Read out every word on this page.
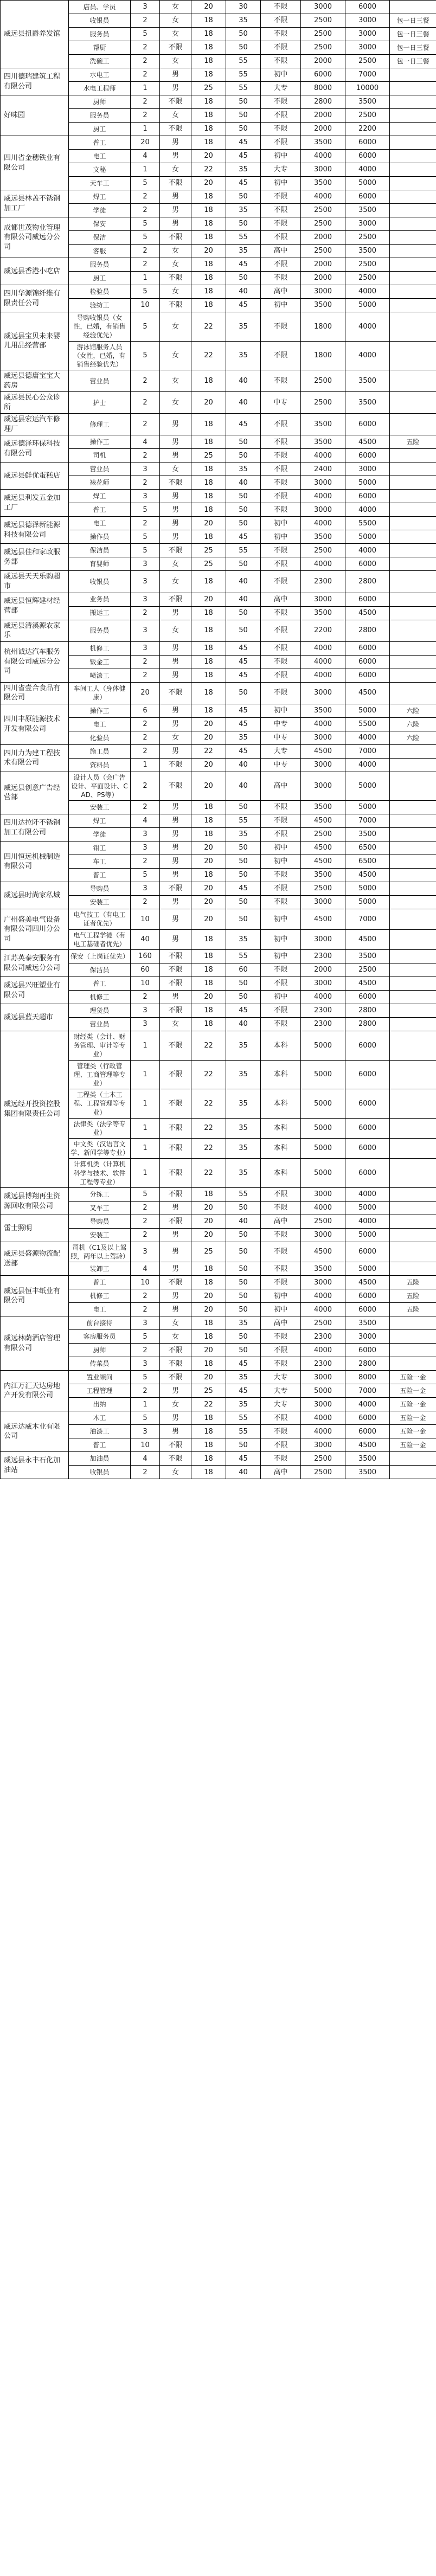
威远县扭爵养发馆	店员、学员	3	女	20	30	不限	3000	6000	
	收银员	2	女	18	35	不限	2500	3000	包一日三餐
	服务员	5	女	18	50	不限	2500	3000	包一日三餐
	帮厨	2	不限	18	50	不限	2500	3000	包一日三餐
	洗碗工	2	女	18	55	不限	2000	2500	包一日三餐
四川德瑞建筑工程有限公司	水电工	2	男	18	55	初中	6000	7000	
	水电工程师	1	男	25	55	大专	8000	10000	
好味园	厨师	2	不限	18	50	不限	2800	3500	
	服务员	2	女	18	50	不限	2000	2500	
	厨工	1	不限	18	50	不限	2000	2200	
四川省金穗铁业有限公司	普工	20	男	18	45	不限	3500	6000	
	电工	4	男	20	45	初中	4000	6000	
	文秘	1	女	22	35	大专	3000	4000	
	天车工	5	不限	20	45	初中	3500	5000	
威远县林盖不锈钢加工厂	焊工	2	男	18	50	不限	4000	6000	
	学徒	2	男	18	35	不限	2500	3500	
成都世茂物业管理有限公司威远分公司	保安	5	男	18	50	不限	2500	3000	
	保洁	5	不限	18	55	不限	2000	2500	
	客服	2	女	20	35	高中	2500	3500	
威远县香港小吃店	服务员	2	女	18	45	不限	2000	2500	
	厨工	1	不限	18	50	不限	2000	2500	
四川华源锦纤维有限责任公司	检验员	5	女	18	40	高中	3000	4000	
	验纺工	10	不限	18	45	初中	3500	5000	
威远县宝贝未来婴儿用品经营部	导购收银员（女性，已婚，有销售经验优先）	5	女	22	35	不限	1800	4000	
	游泳馆服务人员（女性，已婚，有销售经验优先）	5	女	22	35	不限	1800	4000	
威远县德庸宝宝大药房	营业员	2	女	18	40	不限	2500	3500	
威远县民心公众诊所	护士	2	女	20	40	中专	2500	3500	
威远县宏运汽车修理厂	修理工	2	男	18	45	不限	3500	6000	
威远德泽环保科技有限公司	操作工	4	男	18	50	不限	3500	4500	五险
	司机	2	男	25	50	不限	4000	6000	
威远县鲜优蛋糕店	营业员	3	女	18	35	不限	2400	3000	
	裱花师	2	不限	18	40	不限	3000	5000	
威远县利发五金加工厂	焊工	3	男	18	50	不限	4000	6000	
	普工	5	男	18	50	不限	3000	4000	
威远县德泽新能源科技有限公司	电工	2	男	20	50	初中	4000	5500	
	操作员	5	男	18	45	初中	3500	5000	
威远县佳和家政服务部	保洁员	5	不限	25	55	不限	2500	4000	
	育婴师	3	女	25	50	不限	4000	6000	
威远县天天乐购超市	收银员	3	女	18	40	不限	2300	2800	
威远县恒辉建材经营部	业务员	3	不限	20	40	高中	3000	6000	
	搬运工	2	男	18	50	不限	3500	4500	
威远县清溪源农家乐	服务员	3	女	18	50	不限	2200	2800	
杭州诚达汽车服务有限公司威远分公司	机修工	3	男	18	45	不限	4000	6000	
	钣金工	2	男	18	45	不限	4000	6000	
	喷漆工	2	男	18	45	不限	4000	6000	
四川省壹合食品有限公司	车间工人（身体健康）	20	不限	18	50	不限	3000	4500	
四川丰原能源技术开发有限公司	操作工	6	男	18	45	初中	3500	5000	六险
	电工	2	男	20	45	中专	4000	5500	六险
	化验员	2	女	20	35	中专	3000	4000	六险
四川力为建工程技术有限公司	施工员	2	男	22	45	大专	4500	7000	
	资料员	1	不限	20	40	中专	3000	4000	
威远县创意广告经营部	设计人员（会广告设计、平面设计、CAD、PS等）	2	不限	20	40	高中	3000	5000	
	安装工	2	男	18	50	不限	3500	5000	
四川达拉阡不锈钢加工有限公司	焊工	4	男	18	55	不限	4500	7000	
	学徒	3	男	18	35	不限	2500	3500	
四川恒远机械制造有限公司	钳工	3	男	20	50	初中	4500	6500	
	车工	2	男	20	50	初中	4500	6500	
	普工	5	男	18	50	不限	3500	4500	
威远县时尚家私城	导购员	3	不限	20	45	不限	2500	5000	
	安装工	2	男	20	50	不限	3000	5000	
广州盛美电气设备有限公司四川分公司	电气技工（有电工证者优先）	10	男	20	50	初中	4500	7000	
	电气工程学徒（有电工基础者优先）	40	男	18	35	初中	3000	4500	
江苏英泰安服务有限公司威远分公司	保安（上岗证优先）	160	不限	18	55	初中	2300	3500	
	保洁员	60	不限	18	60	不限	2000	2500	
威远县兴旺塑业有限公司	普工	10	不限	18	50	不限	3000	4500	
	机修工	2	男	20	50	初中	4000	6000	
威远县蓝天超市	理货员	3	不限	18	45	不限	2300	2800	
	营业员	3	女	18	40	不限	2300	2800	
威远经开投资控股集团有限责任公司	财经类（会计、财务管理、审计等专业）	1	不限	22	35	本科	5000	6000	
	管理类（行政管理、工商管理等专业）	1	不限	22	35	本科	5000	6000	
	工程类（土木工程、工程管理等专业）	1	不限	22	35	本科	5000	6000	
	法律类（法学等专业）	1	不限	22	35	本科	5000	6000	
	中文类（汉语言文学、新闻学等专业）	1	不限	22	35	本科	5000	6000	
	计算机类（计算机科学与技术、软件工程等专业）	1	不限	22	35	本科	5000	6000	
威远县博翔再生资源回收有限公司	分拣工	5	不限	18	55	不限	3000	4000	
	叉车工	2	男	20	50	不限	4000	5000	
雷士照明	导购员	2	不限	20	40	高中	2500	4000	
	安装工	2	男	20	50	不限	3000	5000	
威远县盛源物流配送部	司机（C1及以上驾照，两年以上驾龄）	3	男	25	50	不限	4500	6000	
	装卸工	4	男	18	50	不限	3500	5000	
威远县恒丰纸业有限公司	普工	10	不限	18	50	不限	3000	4500	五险
	机修工	2	男	20	50	初中	4000	6000	五险
	电工	2	男	20	50	初中	4000	6000	五险
威远林荫酒店管理有限公司	前台接待	3	女	18	35	高中	2500	3500	
	客房服务员	5	女	18	50	不限	2300	3000	
	厨师	2	不限	20	50	不限	4000	6000	
	传菜员	3	不限	18	45	不限	2300	2800	
内江万汇天达房地产开发有限公司	置业顾问	5	不限	20	35	大专	3000	8000	五险一金
	工程管理	2	男	25	45	大专	5000	7000	五险一金
	出纳	1	女	22	35	大专	3000	4000	五险一金
威远达威木业有限公司	木工	5	男	18	55	不限	4000	6000	五险一金
	油漆工	3	男	18	55	不限	4000	6000	五险一金
	普工	10	不限	18	50	不限	3000	4500	五险一金
威远县永丰石化加油站	加油员	4	不限	18	45	不限	2500	3500	
	收银员	2	女	18	40	高中	2500	3500	
